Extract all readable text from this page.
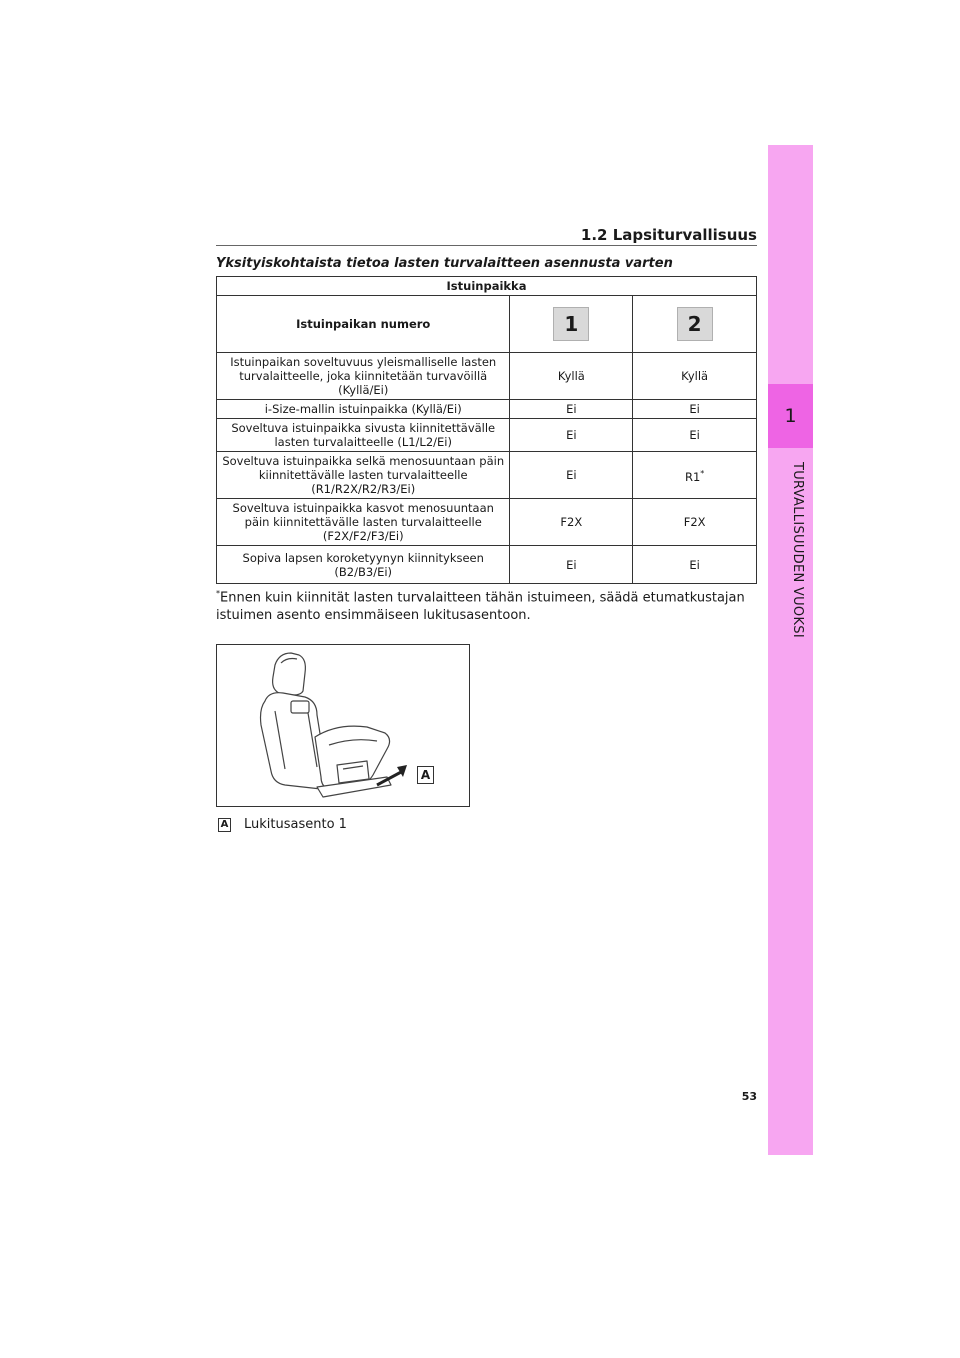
1
TURVALLISUUDEN VUOKSI
1.2 Lapsiturvallisuus
Yksityiskohtaista tietoa lasten turvalaitteen asennusta varten
Istuinpaikka		
Istuinpaikan numero	1	2
Istuinpaikan soveltuvuus yleismalliselle lasten turvalaitteelle, joka kiinnitetään turvavöillä (Kyllä/Ei)	Kyllä	Kyllä
i-Size-mallin istuinpaikka (Kyllä/Ei)	Ei	Ei
Soveltuva istuinpaikka sivusta kiinnitettävälle lasten turvalaitteelle (L1/L2/Ei)	Ei	Ei
Soveltuva istuinpaikka selkä menosuuntaan päin kiinnitettävälle lasten turvalaitteelle (R1/R2X/R2/R3/Ei)	Ei	R1*
Soveltuva istuinpaikka kasvot menosuuntaan päin kiinnitettävälle lasten turvalaitteelle (F2X/F2/F3/Ei)	F2X	F2X
Sopiva lapsen koroketyynyn kiinnitykseen (B2/B3/Ei)	Ei	Ei
*Ennen kuin kiinnität lasten turvalaitteen tähän istuimeen, säädä etumatkustajan istuimen asento ensimmäiseen lukitusasentoon.
A
A Lukitusasento 1
53
